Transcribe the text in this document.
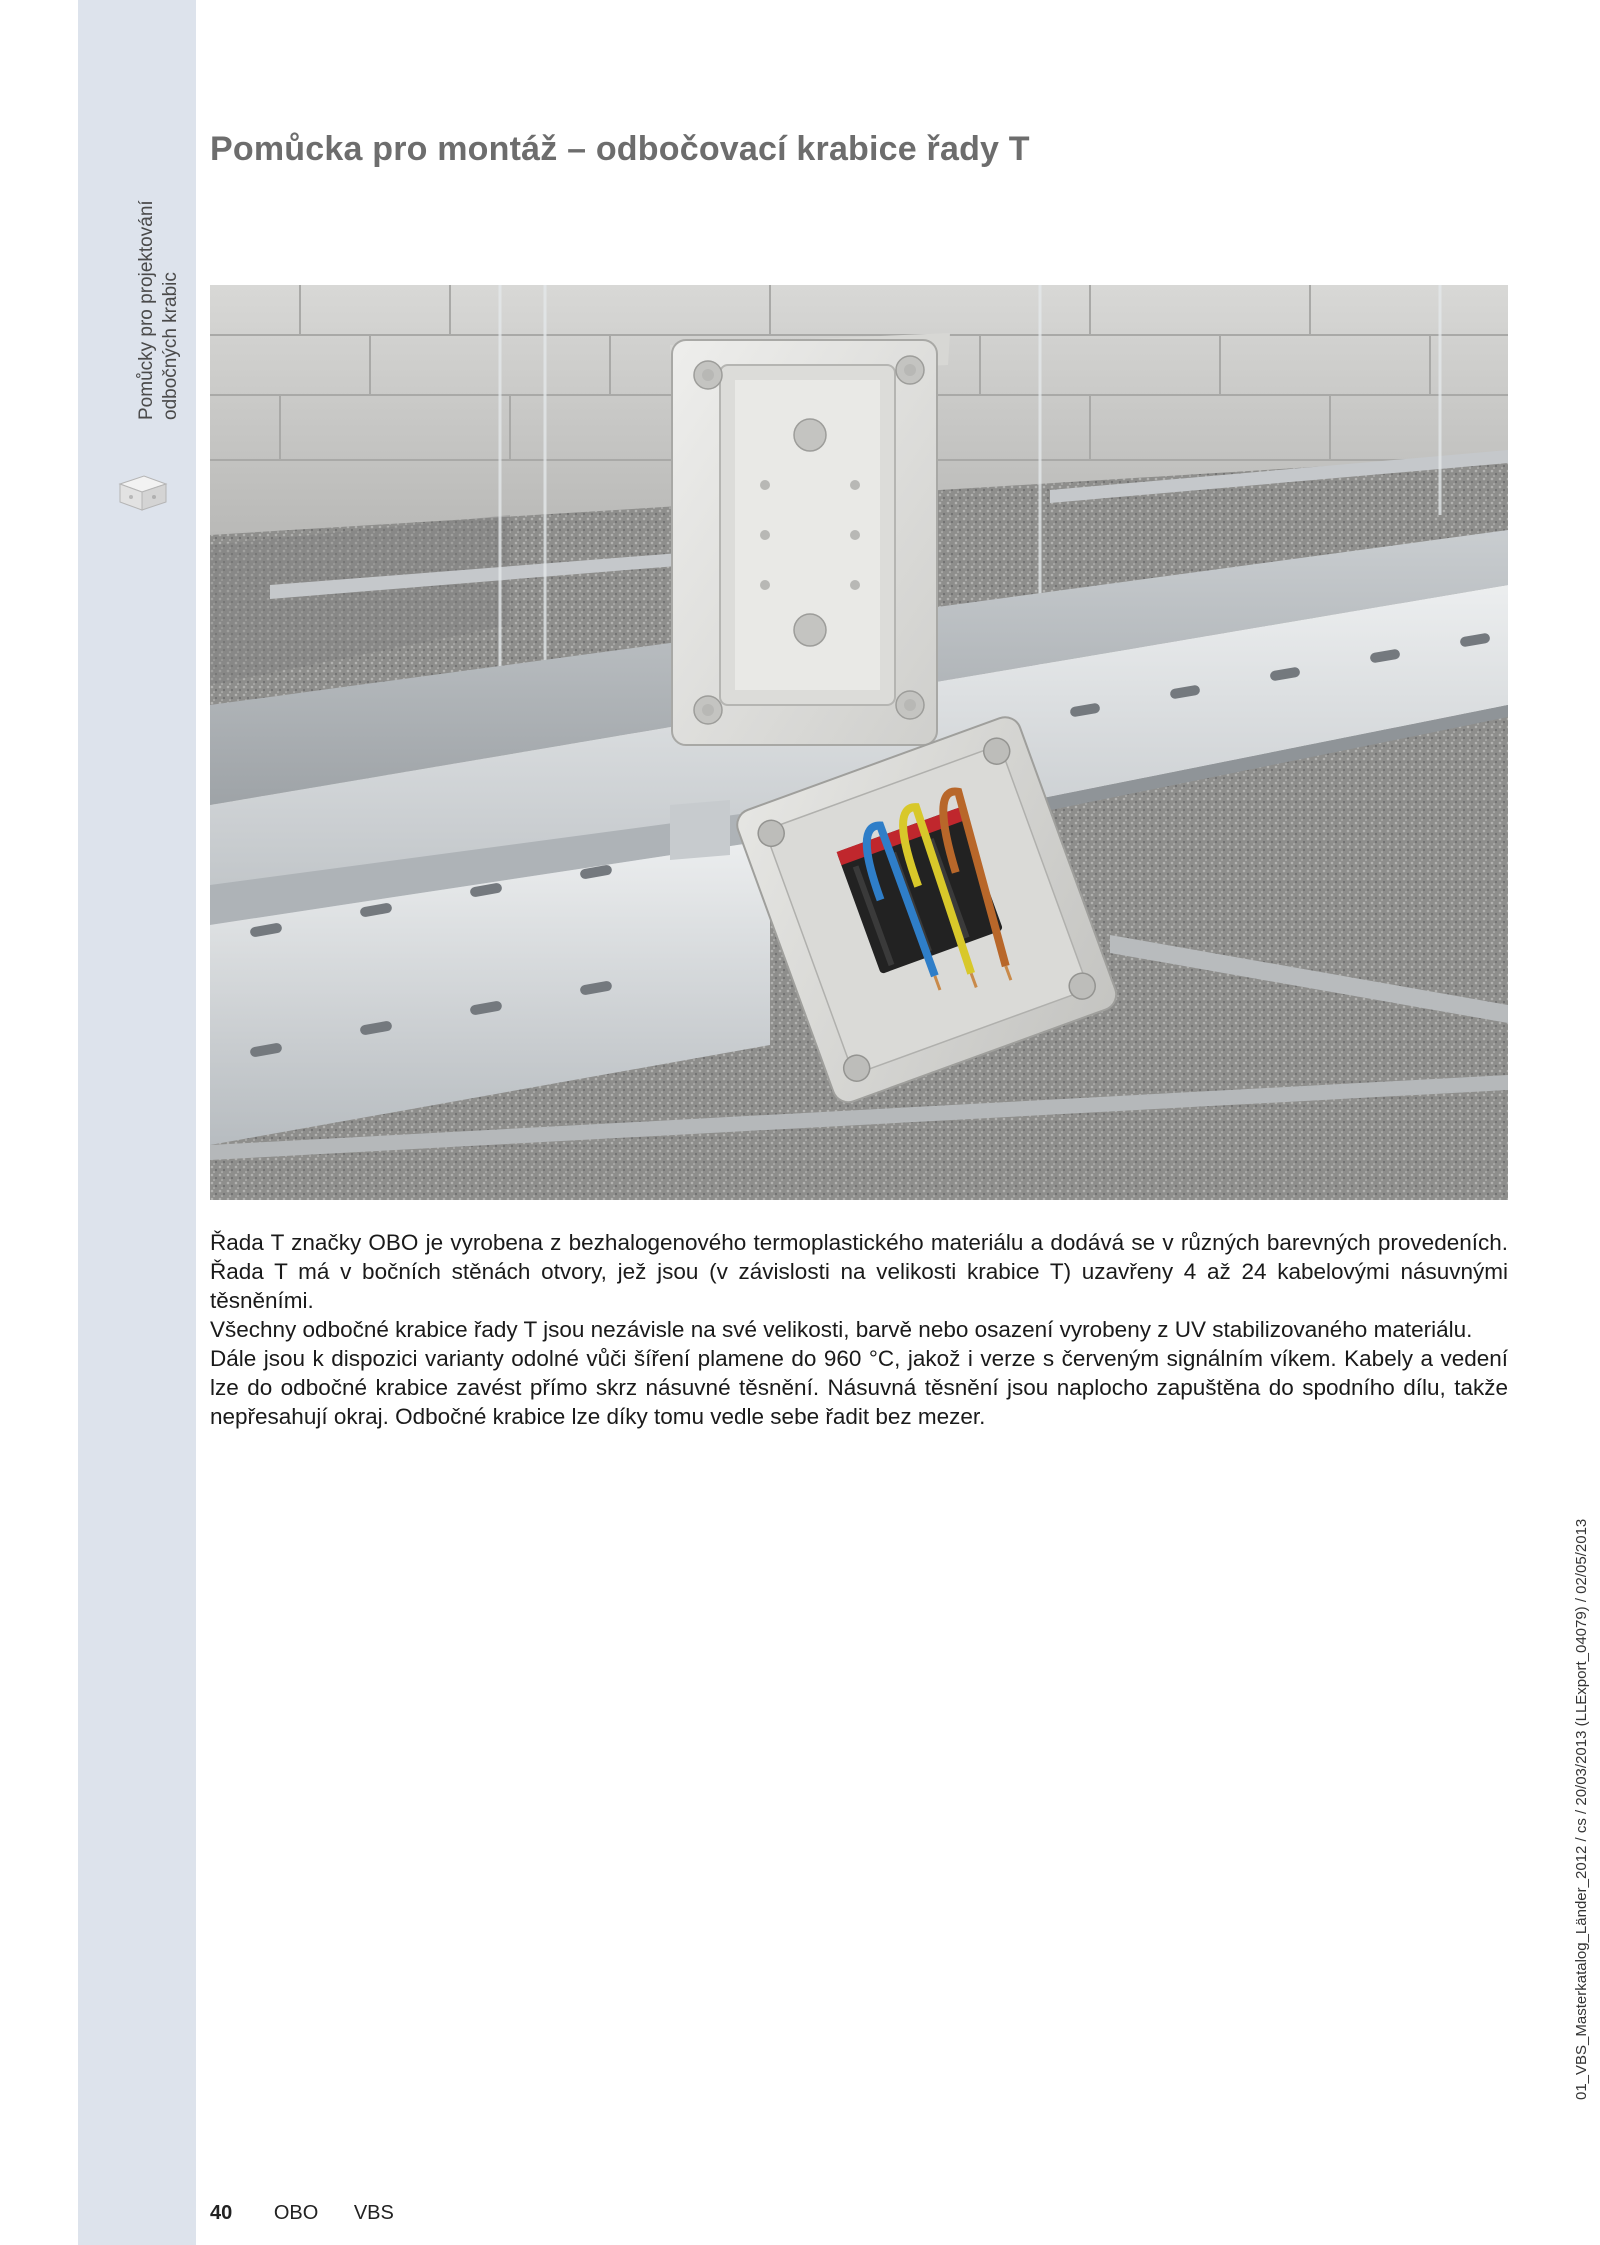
Pomůcky pro projektování odbočných krabic
Pomůcka pro montáž – odbočovací krabice řady T

Řada T značky OBO je vyrobena z bezhalogenového termoplastického materiálu a dodává se v různých barevných provedeních. Řada T má v bočních stěnách otvory, jež jsou (v závislosti na velikosti krabice T) uzavřeny 4 až 24 kabelovými násuvnými těsněními.

Všechny odbočné krabice řady T jsou nezávisle na své velikosti, barvě nebo osazení vyrobeny z UV stabilizovaného materiálu.

Dále jsou k dispozici varianty odolné vůči šíření plamene do 960 °C, jakož i verze s červeným signálním víkem. Kabely a vedení lze do odbočné krabice zavést přímo skrz násuvné těsnění. Násuvná těsnění jsou naplocho zapuštěna do spodního dílu, takže nepřesahují okraj. Odbočné krabice lze díky tomu vedle sebe řadit bez mezer.

01_VBS_Masterkatalog_Länder_2012 / cs / 20/03/2013 (LLExport_04079) / 02/05/2013
40 OBO VBS
